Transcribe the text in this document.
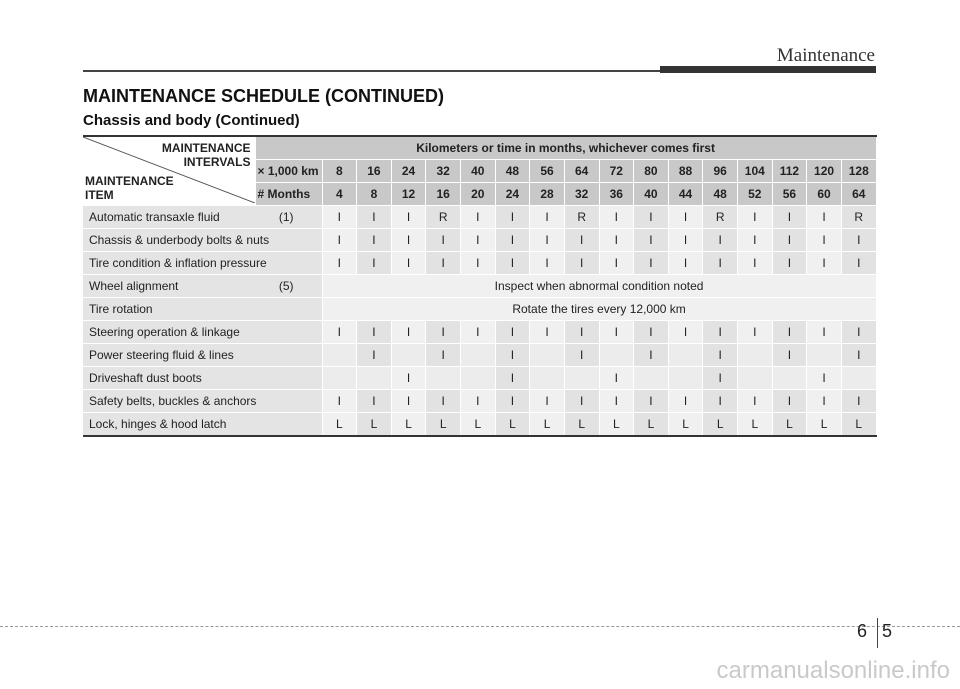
Maintenance
MAINTENANCE SCHEDULE (CONTINUED)
Chassis and body (Continued)
MAINTENANCE
INTERVALS
MAINTENANCE
ITEM	Kilometers or time in months, whichever comes first																
	× 1,000 km	8	16	24	32	40	48	56	64	72	80	88	96	104	112	120	128
	# Months	4	8	12	16	20	24	28	32	36	40	44	48	52	56	60	64

(1)
Automatic transaxle fluid		I	I	I	R	I	I	I	R	I	I	I	R	I	I	I	R

Chassis & underbody bolts & nuts		I	I	I	I	I	I	I	I	I	I	I	I	I	I	I	I

Tire condition & inflation pressure		I	I	I	I	I	I	I	I	I	I	I	I	I	I	I	I

(5)
Wheel alignment		Inspect when abnormal condition noted															

Tire rotation		Rotate the tires every 12,000 km															

Steering operation & linkage		I	I	I	I	I	I	I	I	I	I	I	I	I	I	I	I

Power steering fluid & lines			I		I		I		I		I		I		I		I

Driveshaft dust boots				I			I			I			I			I	

Safety belts, buckles & anchors		I	I	I	I	I	I	I	I	I	I	I	I	I	I	I	I

Lock, hinges & hood latch		L	L	L	L	L	L	L	L	L	L	L	L	L	L	L	L
6 5
carmanualsonline.info
